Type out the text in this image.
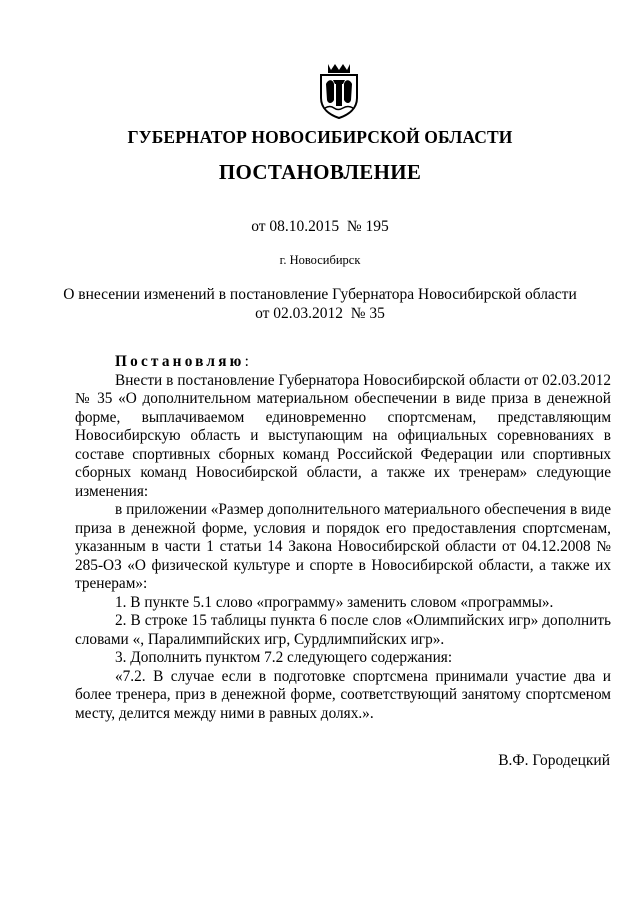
ГУБЕРНАТОР НОВОСИБИРСКОЙ ОБЛАСТИ
ПОСТАНОВЛЕНИЕ
от 08.10.2015  № 195
г. Новосибирск
О внесении изменений в постановление Губернатора Новосибирской области
от 02.03.2012  № 35

Постановляю:

Внести в постановление Губернатора Новосибирской области от 02.03.2012 № 35 «О дополнительном материальном обеспечении в виде приза в денежной форме, выплачиваемом единовременно спортсменам, представляющим Новосибирскую область и выступающим на официальных соревнованиях в составе спортивных сборных команд Российской Федерации или спортивных сборных команд Новосибирской области, а также их тренерам» следующие изменения:

в приложении «Размер дополнительного материального обеспечения в виде приза в денежной форме, условия и порядок его предоставления спортсменам, указанным в части 1 статьи 14 Закона Новосибирской области от 04.12.2008 № 285-ОЗ «О физической культуре и спорте в Новосибирской области, а также их тренерам»:

1. В пункте 5.1 слово «программу» заменить словом «программы».

2. В строке 15 таблицы пункта 6 после слов «Олимпийских игр» дополнить словами «, Паралимпийских игр, Сурдлимпийских игр».

3. Дополнить пунктом 7.2 следующего содержания:

«7.2. В случае если в подготовке спортсмена принимали участие два и более тренера, приз в денежной форме, соответствующий занятому спортсменом месту, делится между ними в равных долях.».

В.Ф. Городецкий
